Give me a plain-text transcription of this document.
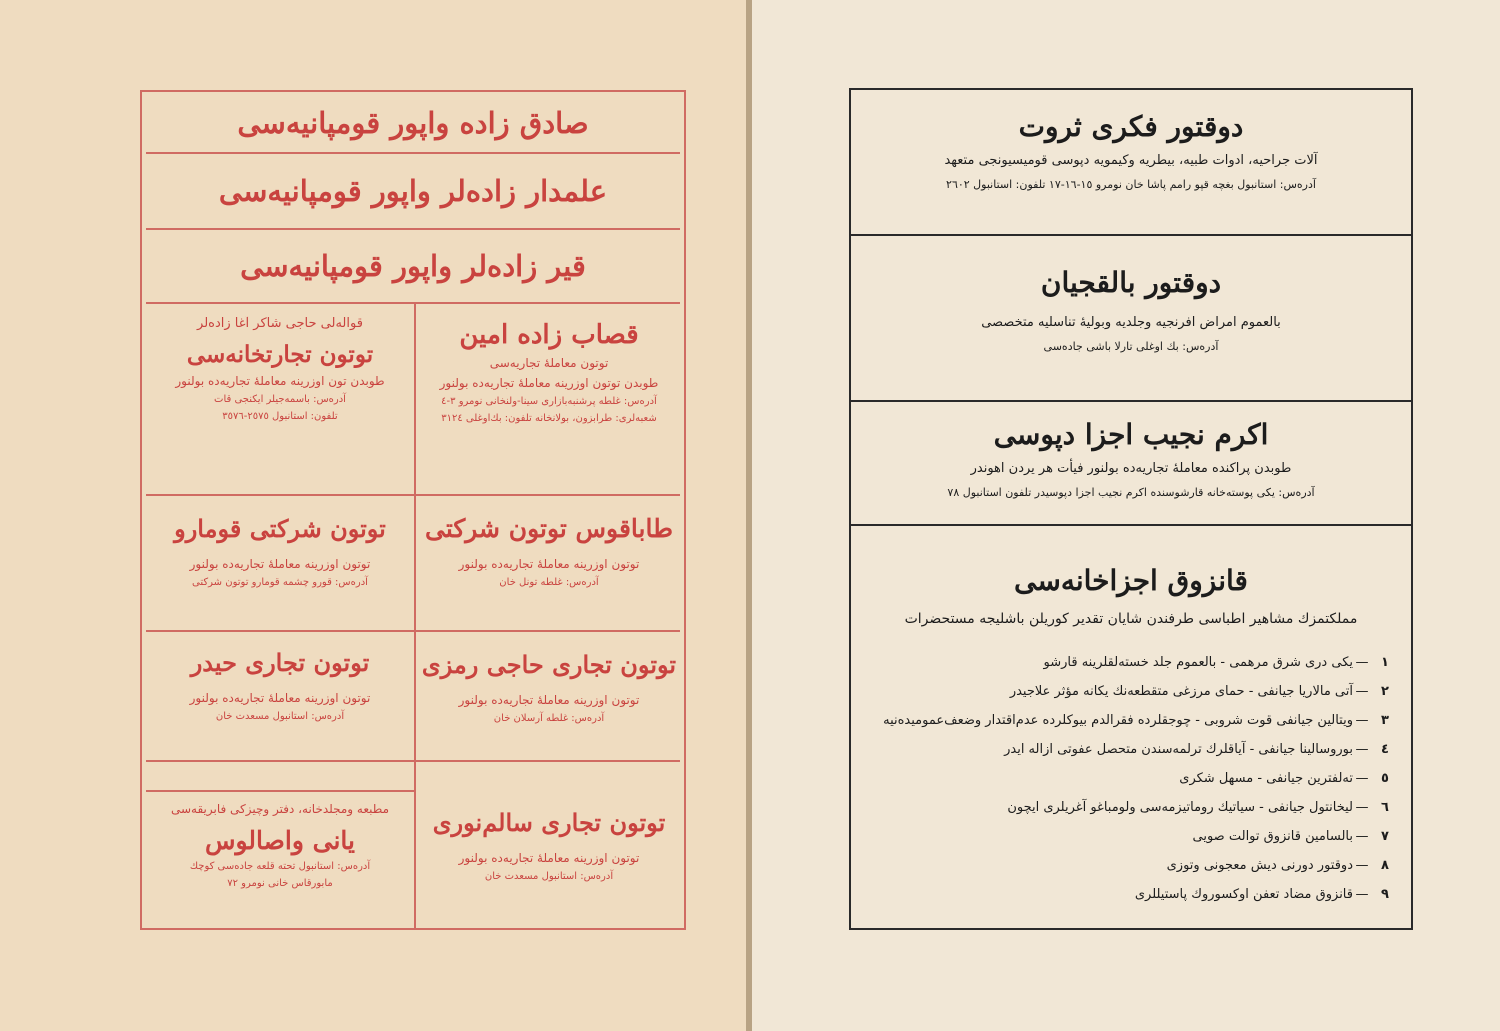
صادق زاده واپور قومپانيه‌سى
علمدار زاده‌لر واپور قومپانيه‌سى
قير زاده‌لر واپور قومپانيه‌سى
قصاب زاده امين
توتون معامله‌ٔ تجاريه‌سى
طوبدن توتون اوزرينه معامله‌ٔ تجاريه‌ده بولنور
آدره‌س: غلطه پرشنبه‌بازارى سينا-ولنخانى نومرو ٣-٤
شعبه‌لرى: طرابزون، بولانخانه تلفون: بك‌اوغلى ٣١٢٤
قواله‌لى حاجى شاكر آغا زاده‌لر
توتون تجارتخانه‌سى
طوبدن تون اوزرينه معامله‌ٔ تجاريه‌ده بولنور
آدره‌س: باسمه‌جيلر ايكنجى قات
تلفون: استانبول ٢٥٧٥-٣٥٧٦
طاباقوس توتون شركتى
توتون اوزرينه معامله‌ٔ تجاريه‌ده بولنور
آدره‌س: غلطه تونل خان
توتون شركتى قومارو
توتون اوزرينه معامله‌ٔ تجاريه‌ده بولنور
آدره‌س: قورو چشمه قومارو توتون شركتى
توتون تجارى حاجى رمزى
توتون اوزرينه معامله‌ٔ تجاريه‌ده بولنور
آدره‌س: غلطه آرسلان خان
توتون تجارى حيدر
توتون اوزرينه معامله‌ٔ تجاريه‌ده بولنور
آدره‌س: استانبول مسعدت خان
توتون تجارى سالم‌نورى
توتون اوزرينه معامله‌ٔ تجاريه‌ده بولنور
آدره‌س: استانبول مسعدت خان
مطبعه ومجلدخانه، دفتر وچيزكى فابريقه‌سى
يانى واصالوس
آدره‌س: استانبول تحته قلعه جاده‌سى كوچك
مابورقاس خانى نومرو ٧٢
دوقتور فكرى ثروت
آلات جراحيه، ادوات طبيه، بيطريه وكيمويه دپوسى قوميسيونجى متعهد
آدره‌س: استانبول بغچه قپو رامم پاشا خان نومرو ١٥-١٦-١٧ تلفون: استانبول ٢٦٠٢
دوقتور بالقجيان
بالعموم امراض افرنجيه وجلديه وبوليهٔ تناسليه متخصصى
آدره‌س: بك اوغلى تارلا باشى جاده‌سى
اكرم نجيب اجزا دپوسى
طوبدن پراكنده معامله‌ٔ تجاريه‌ده بولنور فيأت هر يردن اهوندر
آدره‌س: يكى پوسته‌خانه قارشوسنده اكرم نجيب اجزا دپوسيدر تلفون استانبول ٧٨
قانزوق اجزاخانه‌سى
مملكتمزك مشاهير اطباسى طرفندن شايان تقدير كوريلن باشليجه مستحضرات
١
—
يكى درى شرق مرهمى - بالعموم جلد خسته‌لقلرينه قارشو
٢
—
آتى مالاريا جيانفى - حماى مرزغى متقطعه‌نك يكانه مؤثر علاجيدر
٣
—
ويتالين جيانفى قوت شروبى - چوجقلرده فقرالدم بيوكلرده عدم‌اقتدار وضعف‌عموميده‌نيه
٤
—
بوروسالينا جيانفى - آياقلرك ترلمه‌سندن متحصل عفوتى ازاله ايدر
٥
—
تەلفترين جيانفى - مسهل شكرى
٦
—
ليخانتول جيانفى - سياتيك روماتيزمه‌سى ولومباغو آغريلرى ايچون
٧
—
بالسامين قانزوق توالت صويى
٨
—
دوقتور دورنى دیش معجونى وتوزى
٩
—
قانزوق مضاد تعفن اوكسوروك پاستيللرى
